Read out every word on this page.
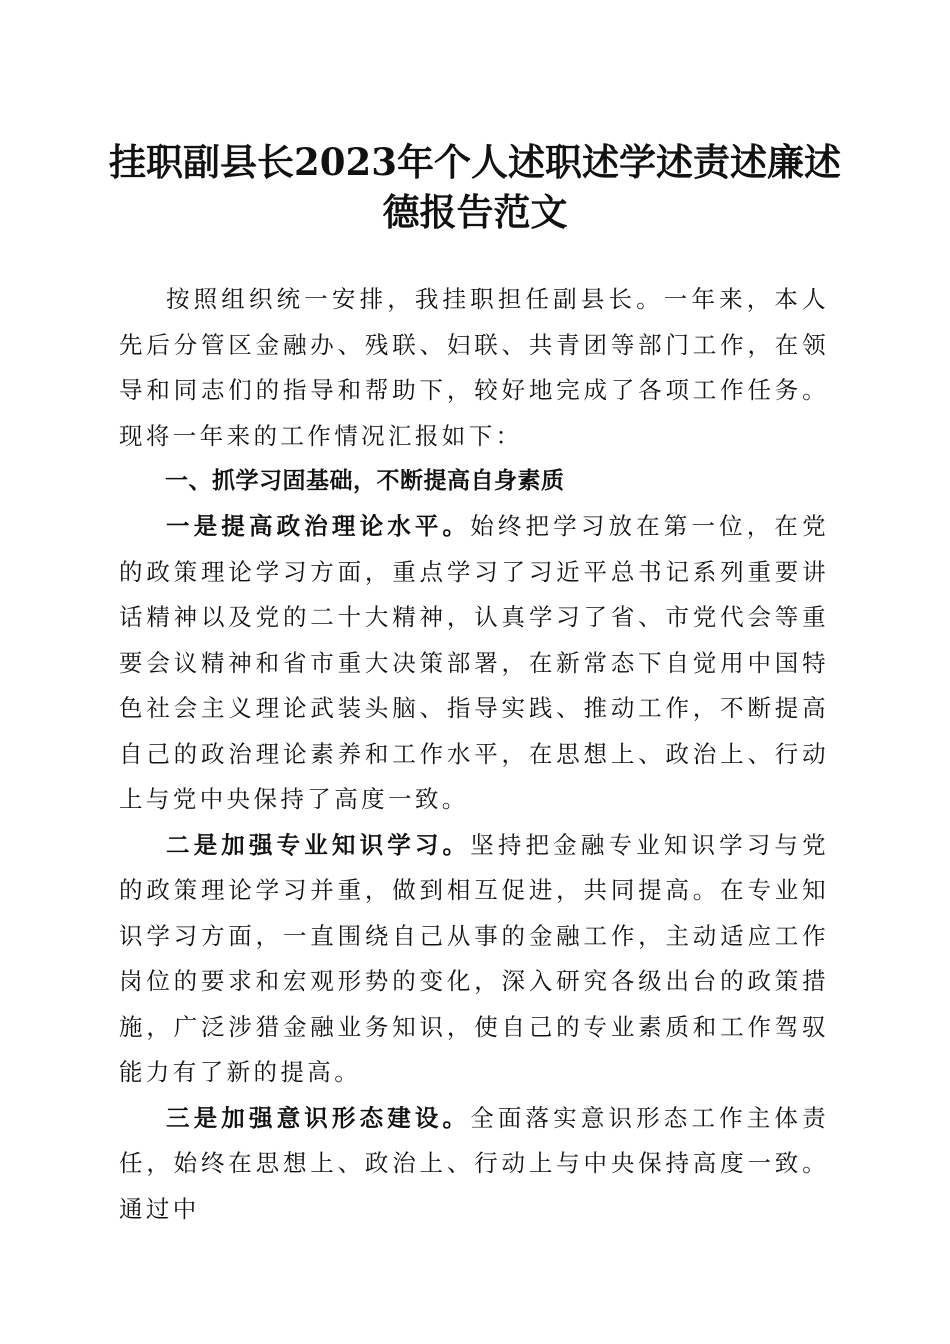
挂职副县长2023年个人述职述学述责述廉述
德报告范文

按照组织统一安排，我挂职担任副县长。一年来，本人先后分管区金融办、残联、妇联、共青团等部门工作，在领导和同志们的指导和帮助下，较好地完成了各项工作任务。现将一年来的工作情况汇报如下：

一、抓学习固基础，不断提高自身素质

一是提高政治理论水平。始终把学习放在第一位，在党的政策理论学习方面，重点学习了习近平总书记系列重要讲话精神以及党的二十大精神，认真学习了省、市党代会等重要会议精神和省市重大决策部署，在新常态下自觉用中国特色社会主义理论武装头脑、指导实践、推动工作，不断提高自己的政治理论素养和工作水平，在思想上、政治上、行动上与党中央保持了高度一致。

二是加强专业知识学习。坚持把金融专业知识学习与党的政策理论学习并重，做到相互促进，共同提高。在专业知识学习方面，一直围绕自己从事的金融工作，主动适应工作岗位的要求和宏观形势的变化，深入研究各级出台的政策措施，广泛涉猎金融业务知识，使自己的专业素质和工作驾驭能力有了新的提高。

三是加强意识形态建设。全面落实意识形态工作主体责任，始终在思想上、政治上、行动上与中央保持高度一致。通过中
